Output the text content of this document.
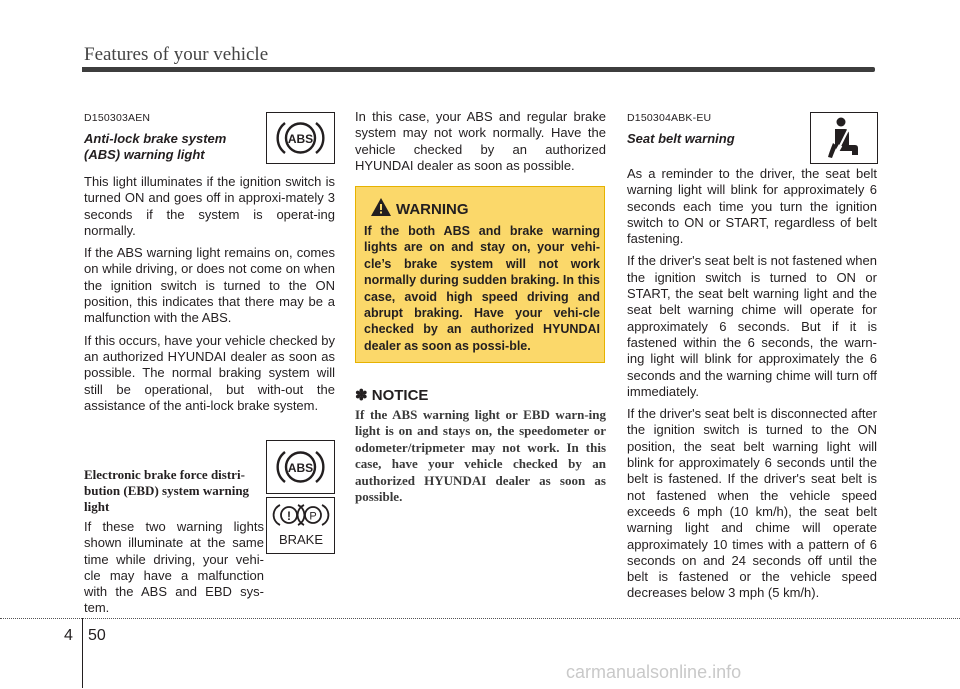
Features of your vehicle
D150303AEN
Anti-lock brake system
(ABS) warning light

This light illuminates if the ignition switch is turned ON and goes off in approxi-mately 3 seconds if the system is operat-ing normally.

If the ABS warning light remains on, comes on while driving, or does not come on when the ignition switch is turned to the ON position, this indicates that there may be a malfunction with the ABS.

If this occurs, have your vehicle checked by an authorized HYUNDAI dealer as soon as possible. The normal braking system will still be operational, but with-out the assistance of the anti-lock brake system.

ABS
Electronic brake force distri-bution (EBD) system warning light

If these two warning lights shown illuminate at the same time while driving, your vehi-cle may have a malfunction with the ABS and EBD sys-tem.

ABS
! P
BRAKE

In this case, your ABS and regular brake system may not work normally. Have the vehicle checked by an authorized HYUNDAI dealer as soon as possible.

WARNING
If the both ABS and brake warning lights are on and stay on, your vehi-cle’s brake system will not work normally during sudden braking. In this case, avoid high speed driving and abrupt braking. Have your vehi-cle checked by an authorized HYUNDAI dealer as soon as possi-ble.
✽ NOTICE
If the ABS warning light or EBD warn-ing light is on and stays on, the speedometer or odometer/tripmeter may not work. In this case, have your vehicle checked by an authorized HYUNDAI dealer as soon as possible.
D150304ABK-EU
Seat belt warning

As a reminder to the driver, the seat belt warning light will blink for approximately 6 seconds each time you turn the ignition switch to ON or START, regardless of belt fastening.

If the driver's seat belt is not fastened when the ignition switch is turned to ON or START, the seat belt warning light and the seat belt warning chime will operate for approximately 6 seconds. But if it is fastened within the 6 seconds, the warn-ing light will blink for approximately the 6 seconds and the warning chime will turn off immediately.

If the driver's seat belt is disconnected after the ignition switch is turned to the ON position, the seat belt warning light will blink for approximately 6 seconds until the belt is fastened. If the driver's seat belt is not fastened when the vehicle speed exceeds 6 mph (10 km/h), the seat belt warning light and chime will operate approximately 10 times with a pattern of 6 seconds on and 24 seconds off until the belt is fastened or the vehicle speed decreases below 3 mph (5 km/h).

4 50
carmanualsonline.info
